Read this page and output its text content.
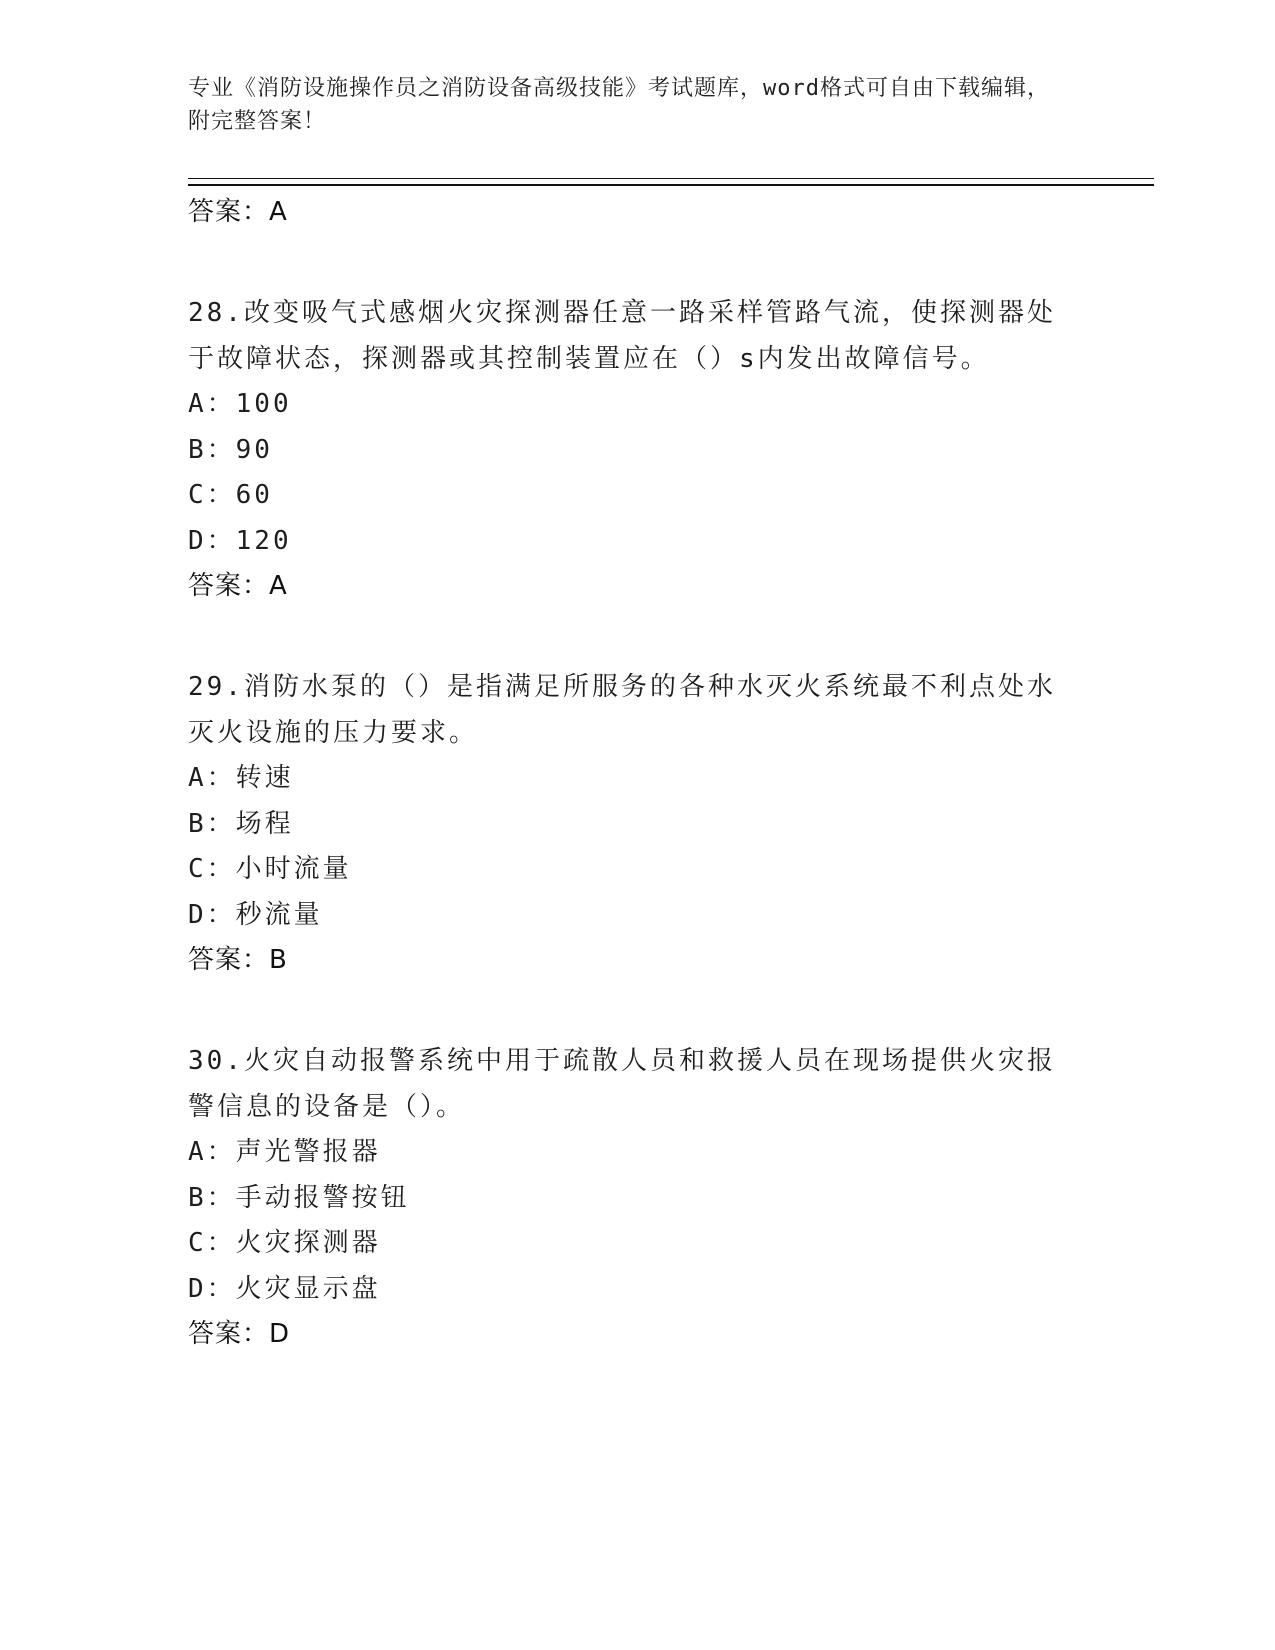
专业《消防设施操作员之消防设备高级技能》考试题库，word格式可自由下载编辑，附完整答案！
答案：A
28.改变吸气式感烟火灾探测器任意一路采样管路气流，使探测器处于故障状态，探测器或其控制装置应在（）s内发出故障信号。
A：100
B：90
C：60
D：120
答案：A
29.消防水泵的（）是指满足所服务的各种水灭火系统最不利点处水灭火设施的压力要求。
A：转速
B：场程
C：小时流量
D：秒流量
答案：B
30.火灾自动报警系统中用于疏散人员和救援人员在现场提供火灾报警信息的设备是（）。
A：声光警报器
B：手动报警按钮
C：火灾探测器
D：火灾显示盘
答案：D
